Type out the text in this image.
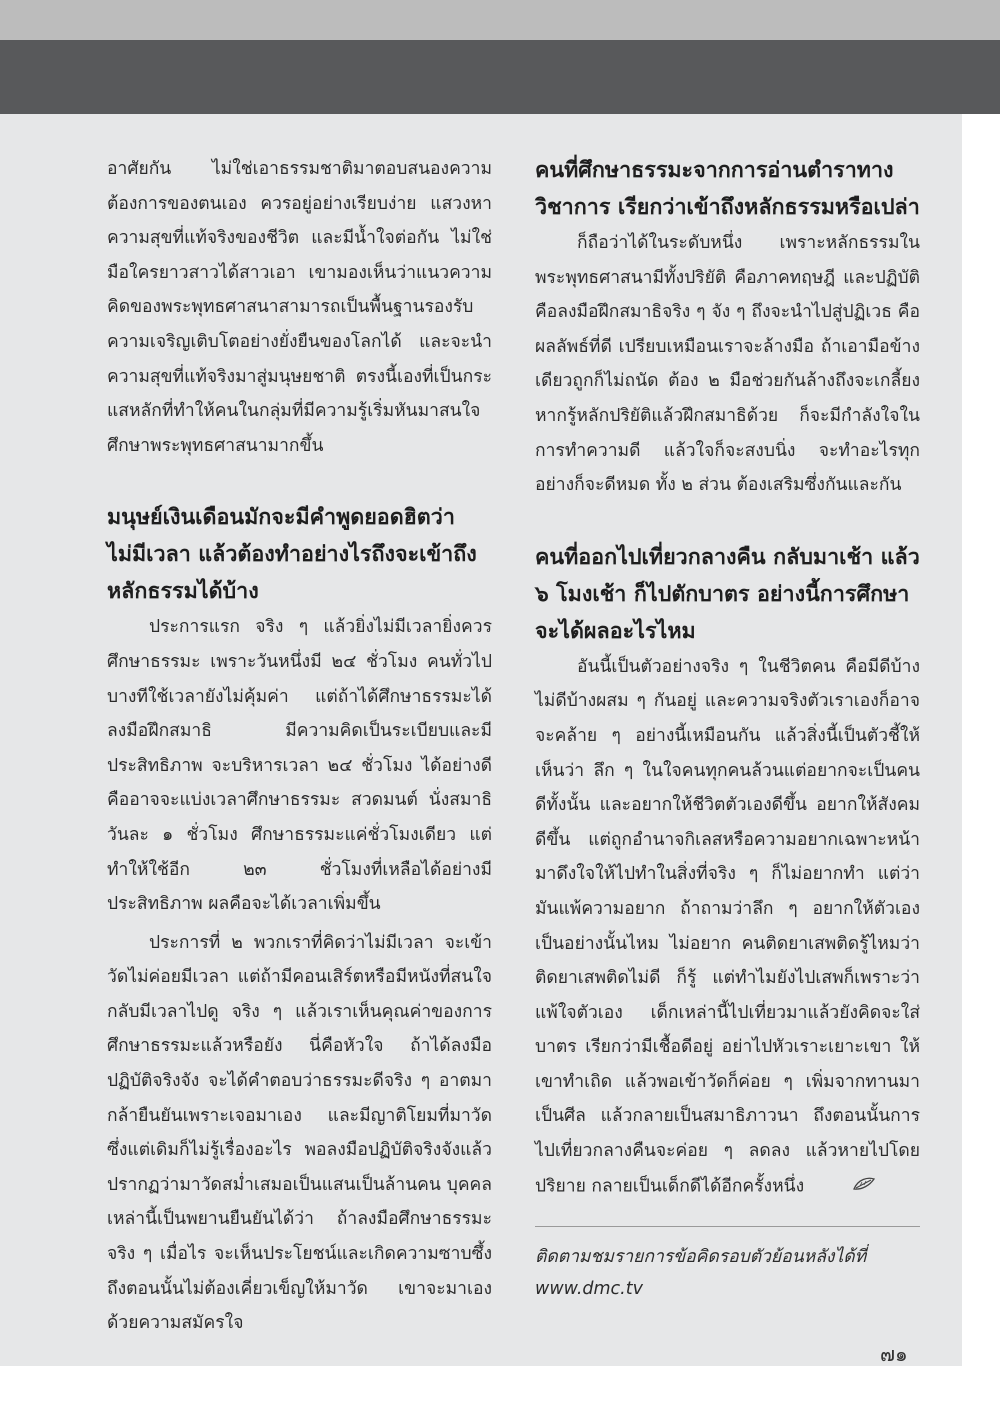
อาศัยกัน ไม่ใช่เอาธรรมชาติมาตอบสนองความต้องการของตนเอง ควรอยู่อย่างเรียบง่าย แสวงหาความสุขที่แท้จริงของชีวิต และมีน้ำใจต่อกัน ไม่ใช่มือใครยาวสาวได้สาวเอา เขามองเห็นว่าแนวความคิดของพระพุทธศาสนาสามารถเป็นพื้นฐานรองรับความเจริญเติบโตอย่างยั่งยืนของโลกได้ และจะนำความสุขที่แท้จริงมาสู่มนุษยชาติ ตรงนี้เองที่เป็นกระแสหลักที่ทำให้คนในกลุ่มที่มีความรู้เริ่มหันมาสนใจศึกษาพระพุทธศาสนามากขึ้น

มนุษย์เงินเดือนมักจะมีคำพูดยอดฮิตว่าไม่มีเวลา แล้วต้องทำอย่างไรถึงจะเข้าถึงหลักธรรมได้บ้าง

ประการแรก จริง ๆ แล้วยิ่งไม่มีเวลายิ่งควรศึกษาธรรมะ เพราะวันหนึ่งมี ๒๔ ชั่วโมง คนทั่วไปบางทีใช้เวลายังไม่คุ้มค่า แต่ถ้าได้ศึกษาธรรมะได้ลงมือฝึกสมาธิ มีความคิดเป็นระเบียบและมีประสิทธิภาพ จะบริหารเวลา ๒๔ ชั่วโมง ได้อย่างดี คืออาจจะแบ่งเวลาศึกษาธรรมะ สวดมนต์ นั่งสมาธิวันละ ๑ ชั่วโมง ศึกษาธรรมะแค่ชั่วโมงเดียว แต่ทำให้ใช้อีก ๒๓ ชั่วโมงที่เหลือได้อย่างมีประสิทธิภาพ ผลคือจะได้เวลาเพิ่มขึ้น

ประการที่ ๒ พวกเราที่คิดว่าไม่มีเวลา จะเข้าวัดไม่ค่อยมีเวลา แต่ถ้ามีคอนเสิร์ตหรือมีหนังที่สนใจกลับมีเวลาไปดู จริง ๆ แล้วเราเห็นคุณค่าของการศึกษาธรรมะแล้วหรือยัง นี่คือหัวใจ ถ้าได้ลงมือปฏิบัติจริงจัง จะได้คำตอบว่าธรรมะดีจริง ๆ อาตมากล้ายืนยันเพราะเจอมาเอง และมีญาติโยมที่มาวัดซึ่งแต่เดิมก็ไม่รู้เรื่องอะไร พอลงมือปฏิบัติจริงจังแล้วปรากฏว่ามาวัดสม่ำเสมอเป็นแสนเป็นล้านคน บุคคลเหล่านี้เป็นพยานยืนยันได้ว่า ถ้าลงมือศึกษาธรรมะจริง ๆ เมื่อไร จะเห็นประโยชน์และเกิดความซาบซึ้ง ถึงตอนนั้นไม่ต้องเคี่ยวเข็ญให้มาวัด เขาจะมาเองด้วยความสมัครใจ

คนที่ศึกษาธรรมะจากการอ่านตำราทางวิชาการ เรียกว่าเข้าถึงหลักธรรมหรือเปล่า

ก็ถือว่าได้ในระดับหนึ่ง เพราะหลักธรรมในพระพุทธศาสนามีทั้งปริยัติ คือภาคทฤษฎี และปฏิบัติ คือลงมือฝึกสมาธิจริง ๆ จัง ๆ ถึงจะนำไปสู่ปฏิเวธ คือผลลัพธ์ที่ดี เปรียบเหมือนเราจะล้างมือ ถ้าเอามือข้างเดียวถูกก็ไม่ถนัด ต้อง ๒ มือช่วยกันล้างถึงจะเกลี้ยง หากรู้หลักปริยัติแล้วฝึกสมาธิด้วย ก็จะมีกำลังใจในการทำความดี แล้วใจก็จะสงบนิ่ง จะทำอะไรทุกอย่างก็จะดีหมด ทั้ง ๒ ส่วน ต้องเสริมซึ่งกันและกัน

คนที่ออกไปเที่ยวกลางคืน กลับมาเช้า แล้ว ๖ โมงเช้า ก็ไปตักบาตร อย่างนี้การศึกษาจะได้ผลอะไรไหม

อันนี้เป็นตัวอย่างจริง ๆ ในชีวิตคน คือมีดีบ้างไม่ดีบ้างผสม ๆ กันอยู่ และความจริงตัวเราเองก็อาจจะคล้าย ๆ อย่างนี้เหมือนกัน แล้วสิ่งนี้เป็นตัวชี้ให้เห็นว่า ลึก ๆ ในใจคนทุกคนล้วนแต่อยากจะเป็นคนดีทั้งนั้น และอยากให้ชีวิตตัวเองดีขึ้น อยากให้สังคมดีขึ้น แต่ถูกอำนาจกิเลสหรือความอยากเฉพาะหน้ามาดึงใจให้ไปทำในสิ่งที่จริง ๆ ก็ไม่อยากทำ แต่ว่ามันแพ้ความอยาก ถ้าถามว่าลึก ๆ อยากให้ตัวเองเป็นอย่างนั้นไหม ไม่อยาก คนติดยาเสพติดรู้ไหมว่าติดยาเสพติดไม่ดี ก็รู้ แต่ทำไมยังไปเสพก็เพราะว่าแพ้ใจตัวเอง เด็กเหล่านี้ไปเที่ยวมาแล้วยังคิดจะใส่บาตร เรียกว่ามีเชื้อดีอยู่ อย่าไปหัวเราะเยาะเขา ให้เขาทำเถิด แล้วพอเข้าวัดก็ค่อย ๆ เพิ่มจากทานมาเป็นศีล แล้วกลายเป็นสมาธิภาวนา ถึงตอนนั้นการไปเที่ยวกลางคืนจะค่อย ๆ ลดลง แล้วหายไปโดยปริยาย กลายเป็นเด็กดีได้อีกครั้งหนึ่ง

ติดตามชมรายการข้อคิดรอบตัวย้อนหลังได้ที่

www.dmc.tv

๗๑
